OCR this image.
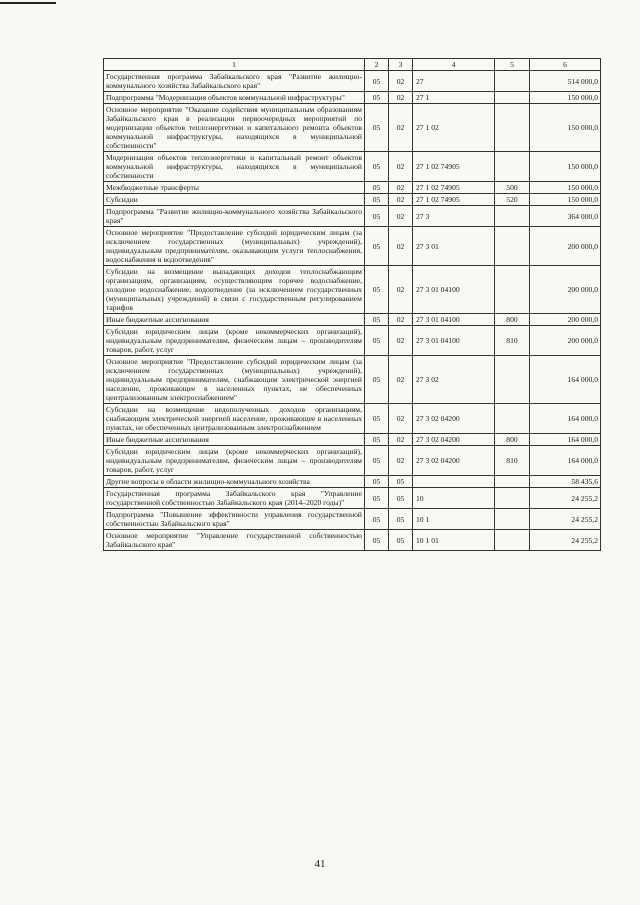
1	2	3	4	5	6
Государственная программа Забайкальского края "Развитие жилищно-коммунального хозяйства Забайкальского края"	05	02	27		514 000,0
Подпрограмма "Модернизация объектов коммунальной инфраструктуры"	05	02	27 1		150 000,0
Основное мероприятие "Оказание содействия муниципальным образованиям Забайкальского края в реализации первоочередных мероприятий по модернизации объектов теплоэнергетики и капитального ремонта объектов коммунальной инфраструктуры, находящихся в муниципальной собственности"	05	02	27 1 02		150 000,0
Модернизация объектов теплоэнергетики и капитальный ремонт объектов коммунальной инфраструктуры, находящихся в муниципальной собственности	05	02	27 1 02 74905		150 000,0
Межбюджетные трансферты	05	02	27 1 02 74905	500	150 000,0
Субсидии	05	02	27 1 02 74905	520	150 000,0
Подпрограмма "Развитие жилищно-коммунального хозяйства Забайкальского края"	05	02	27 3		364 000,0
Основное мероприятие "Предоставление субсидий юридическим лицам (за исключением государственных (муниципальных) учреждений), индивидуальным предпринимателям, оказывающим услуги теплоснабжения, водоснабжения и водоотведения"	05	02	27 3 01		200 000,0
Субсидии на возмещение выпадающих доходов теплоснабжающим организациям, организациям, осуществляющим горячее водоснабжение, холодное водоснабжение, водоотведение (за исключением государственных (муниципальных) учреждений) в связи с государственным регулированием тарифов	05	02	27 3 01 04100		200 000,0
Иные бюджетные ассигнования	05	02	27 3 01 04100	800	200 000,0
Субсидии юридическим лицам (кроме некоммерческих организаций), индивидуальным предпринимателям, физическим лицам – производителям товаров, работ, услуг	05	02	27 3 01 04100	810	200 000,0
Основное мероприятие "Предоставление субсидий юридическим лицам (за исключением государственных (муниципальных) учреждений), индивидуальным предпринимателям, снабжающим электрической энергией население, проживающее в населенных пунктах, не обеспеченных централизованным электроснабжением"	05	02	27 3 02		164 000,0
Субсидии на возмещение недополученных доходов организациям, снабжающим электрической энергией население, проживающее в населенных пунктах, не обеспеченных централизованным электроснабжением	05	02	27 3 02 04200		164 000,0
Иные бюджетные ассигнования	05	02	27 3 02 04200	800	164 000,0
Субсидии юридическим лицам (кроме некоммерческих организаций), индивидуальным предпринимателям, физическим лицам – производителям товаров, работ, услуг	05	02	27 3 02 04200	810	164 000,0
Другие вопросы в области жилищно-коммунального хозяйства	05	05			58 435,6
Государственная программа Забайкальского края "Управление государственной собственностью Забайкальского края (2014–2020 годы)"	05	05	10		24 255,2
Подпрограмма "Повышение эффективности управления государственной собственностью Забайкальского края"	05	05	10 1		24 255,2
Основное мероприятие "Управление государственной собственностью Забайкальского края"	05	05	10 1 01		24 255,2
41
